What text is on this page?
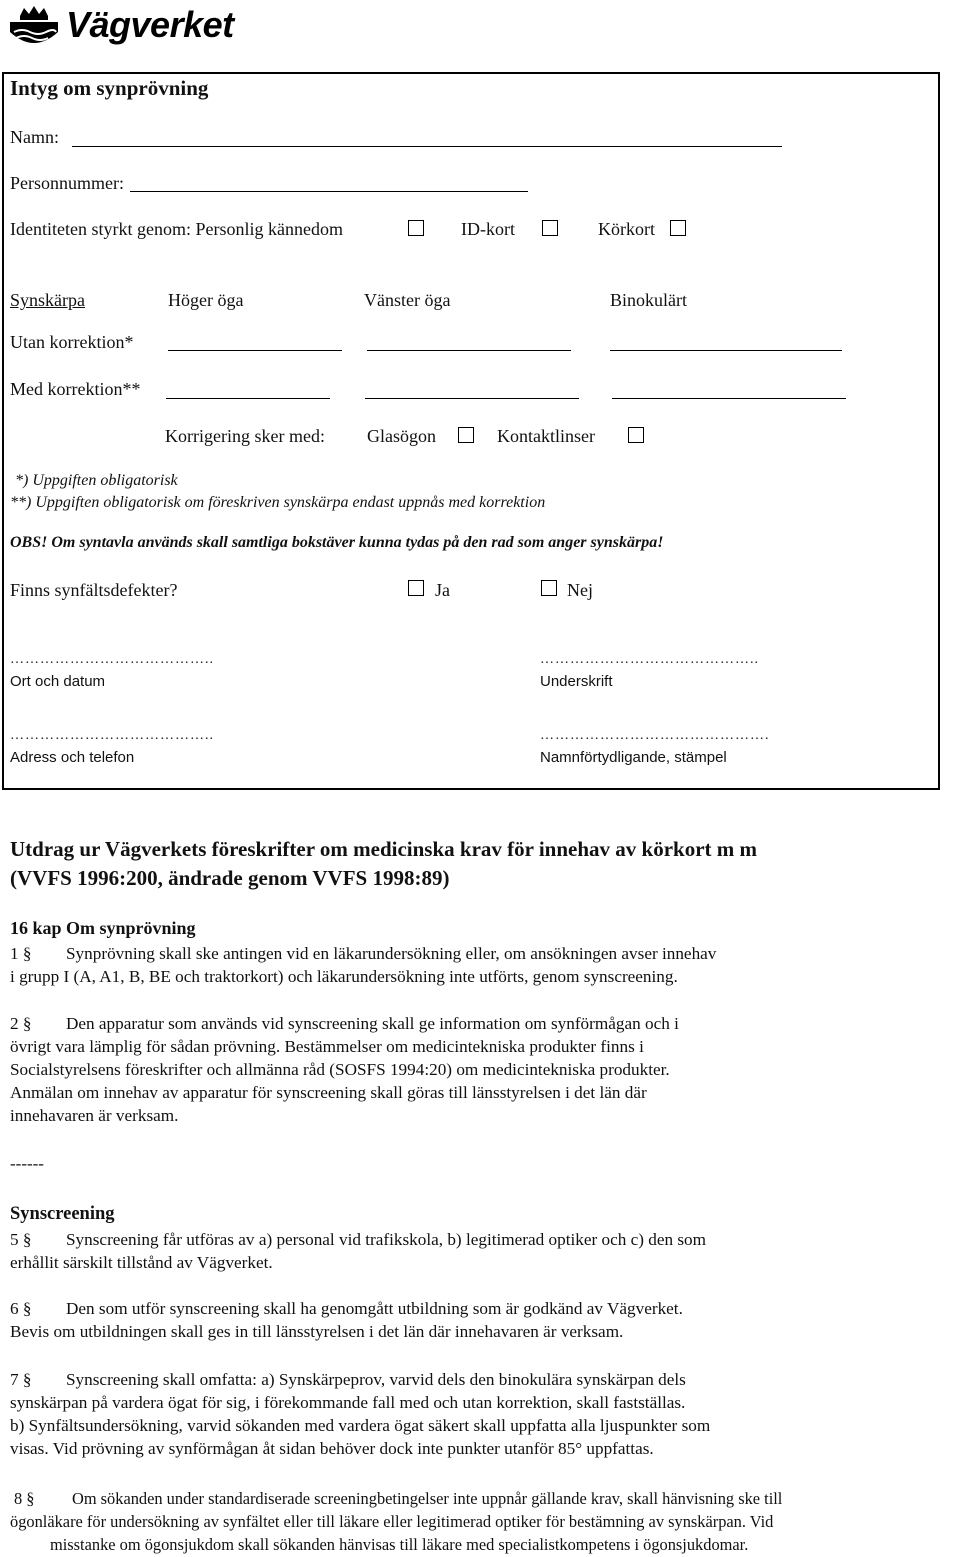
Vägverket
Intyg om synprövning
Namn:
Personnummer:
Identiteten styrkt genom: Personlig kännedom	ID-kort	Körkort
Synskärpa	Höger öga	Vänster öga	Binokulärt
Utan korrektion*
Med korrektion**
Korrigering sker med: Glasögon	Kontaktlinser
*) Uppgiften obligatorisk
**) Uppgiften obligatorisk om föreskriven synskärpa endast uppnås med korrektion
OBS! Om syntavla används skall samtliga bokstäver kunna tydas på den rad som anger synskärpa!
Finns synfältsdefekter?	Ja	Nej
…………………………………..
Ort och datum
……………………………………..
Underskrift
…………………………………..
Adress och telefon
……………………………………….
Namnförtydligande, stämpel
Utdrag ur Vägverkets föreskrifter om medicinska krav för innehav av körkort m m
(VVFS 1996:200, ändrade genom VVFS 1998:89)
16 kap Om synprövning
1 § Synprövning skall ske antingen vid en läkarundersökning eller, om ansökningen avser innehav
i grupp I (A, A1, B, BE och traktorkort) och läkarundersökning inte utförts, genom synscreening.
2 § Den apparatur som används vid synscreening skall ge information om synförmågan och i
övrigt vara lämplig för sådan prövning. Bestämmelser om medicintekniska produkter finns i
Socialstyrelsens föreskrifter och allmänna råd (SOSFS 1994:20) om medicintekniska produkter.
Anmälan om innehav av apparatur för synscreening skall göras till länsstyrelsen i det län där
innehavaren är verksam.
------
Synscreening
5 § Synscreening får utföras av a) personal vid trafikskola, b) legitimerad optiker och c) den som
erhållit särskilt tillstånd av Vägverket.
6 § Den som utför synscreening skall ha genomgått utbildning som är godkänd av Vägverket.
Bevis om utbildningen skall ges in till länsstyrelsen i det län där innehavaren är verksam.
7 § Synscreening skall omfatta: a) Synskärpeprov, varvid dels den binokulära synskärpan dels
synskärpan på vardera ögat för sig, i förekommande fall med och utan korrektion, skall fastställas.
b) Synfältsundersökning, varvid sökanden med vardera ögat säkert skall uppfatta alla ljuspunkter som
visas. Vid prövning av synförmågan åt sidan behöver dock inte punkter utanför 85° uppfattas.
8 § Om sökanden under standardiserade screeningbetingelser inte uppnår gällande krav, skall hänvisning ske till
ögonläkare för undersökning av synfältet eller till läkare eller legitimerad optiker för bestämning av synskärpan. Vid
misstanke om ögonsjukdom skall sökanden hänvisas till läkare med specialistkompetens i ögonsjukdomar.
